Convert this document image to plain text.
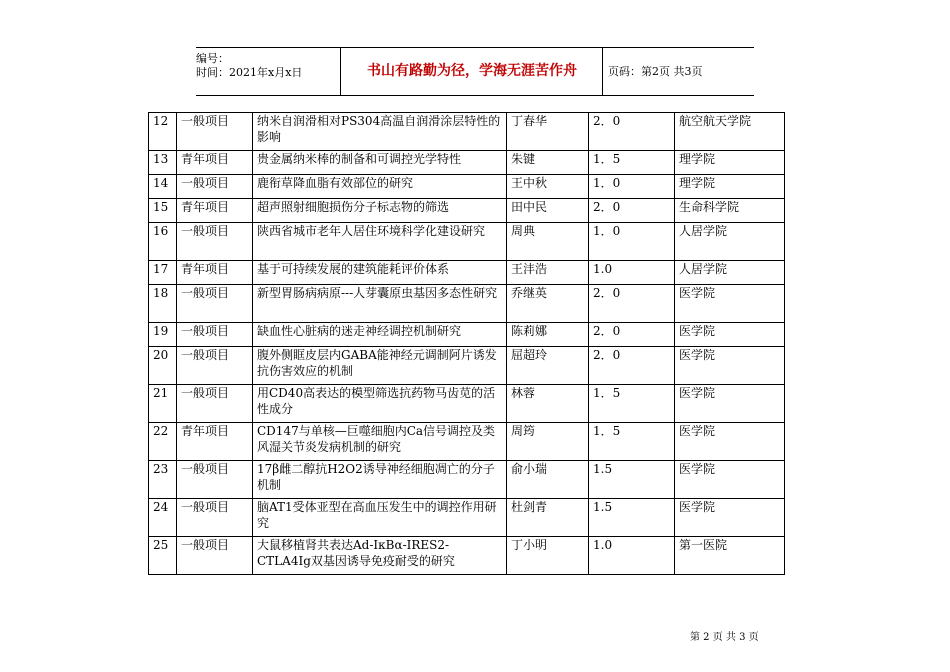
编号：
时间：2021年x月x日	书山有路勤为径，学海无涯苦作舟	页码：第2页 共3页
12	一般项目	纳米自润滑相对PS304高温自润滑涂层特性的影响	丁春华	2．0	航空航天学院
13	青年项目	贵金属纳米棒的制备和可调控光学特性	朱键	1．5	理学院
14	一般项目	鹿衔草降血脂有效部位的研究	王中秋	1．0	理学院
15	青年项目	超声照射细胞损伤分子标志物的筛选	田中民	2．0	生命科学院
16	一般项目	陕西省城市老年人居住环境科学化建设研究	周典	1．0	人居学院
17	青年项目	基于可持续发展的建筑能耗评价体系	王沣浩	1.0	人居学院
18	一般项目	新型胃肠病病原---人芽囊原虫基因多态性研究	乔继英	2．0	医学院
19	一般项目	缺血性心脏病的迷走神经调控机制研究	陈莉娜	2．0	医学院
20	一般项目	腹外侧眶皮层内GABA能神经元调制阿片诱发抗伤害效应的机制	屈超玲	2．0	医学院
21	一般项目	用CD40高表达的模型筛选抗药物马齿苋的活性成分	林蓉	1．5	医学院
22	青年项目	CD147与单核—巨噬细胞内Ca信号调控及类风湿关节炎发病机制的研究	周筠	1．5	医学院
23	一般项目	17β雌二醇抗H2O2诱导神经细胞凋亡的分子机制	俞小瑞	1.5	医学院
24	一般项目	脑AT1受体亚型在高血压发生中的调控作用研究	杜剑青	1.5	医学院
25	一般项目	大鼠移植肾共表达Ad-IκBα-IRES2-CTLA4Ig双基因诱导免疫耐受的研究	丁小明	1.0	第一医院
第 2 页 共 3 页
